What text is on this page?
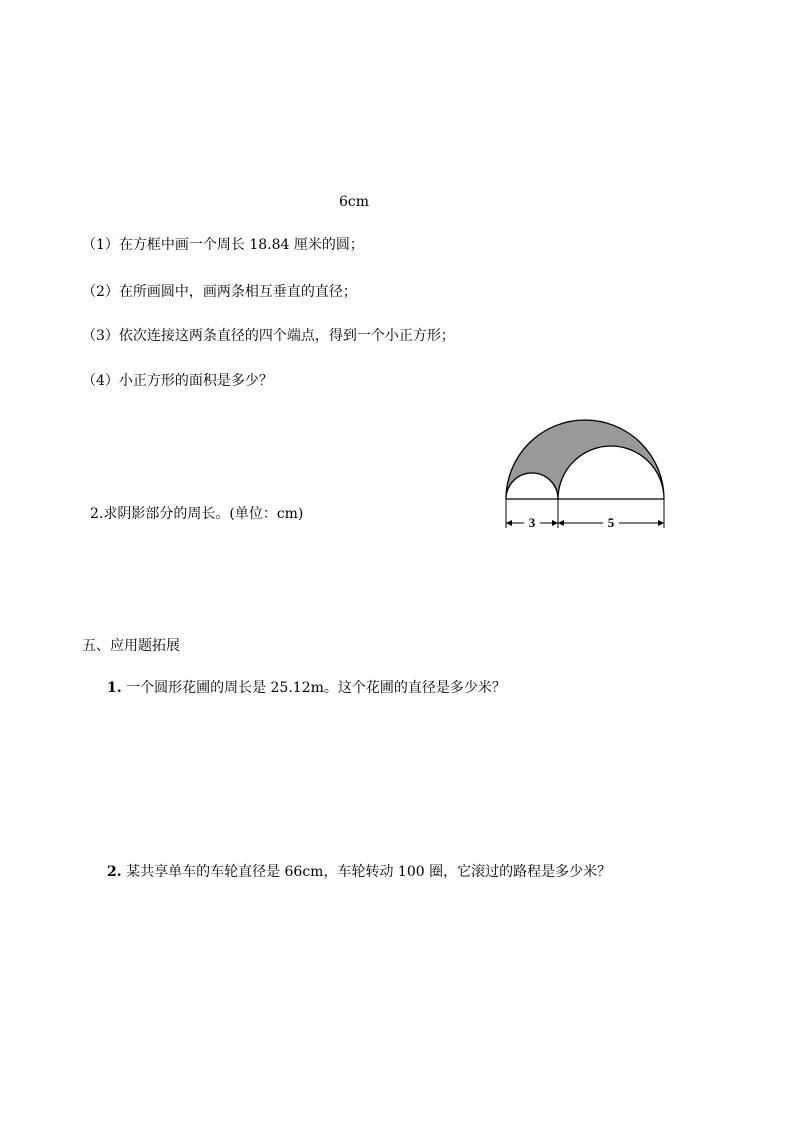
6cm
（1）在方框中画一个周长 18.84 厘米的圆；
（2）在所画圆中，画两条相互垂直的直径；
（3）依次连接这两条直径的四个端点，得到一个小正方形；
（4）小正方形的面积是多少？
2.求阴影部分的周长。(单位：cm)
3	5
五、应用题拓展
1. 一个圆形花圃的周长是 25.12m。这个花圃的直径是多少米？
2. 某共享单车的车轮直径是 66cm，车轮转动 100 圈，它滚过的路程是多少米？
